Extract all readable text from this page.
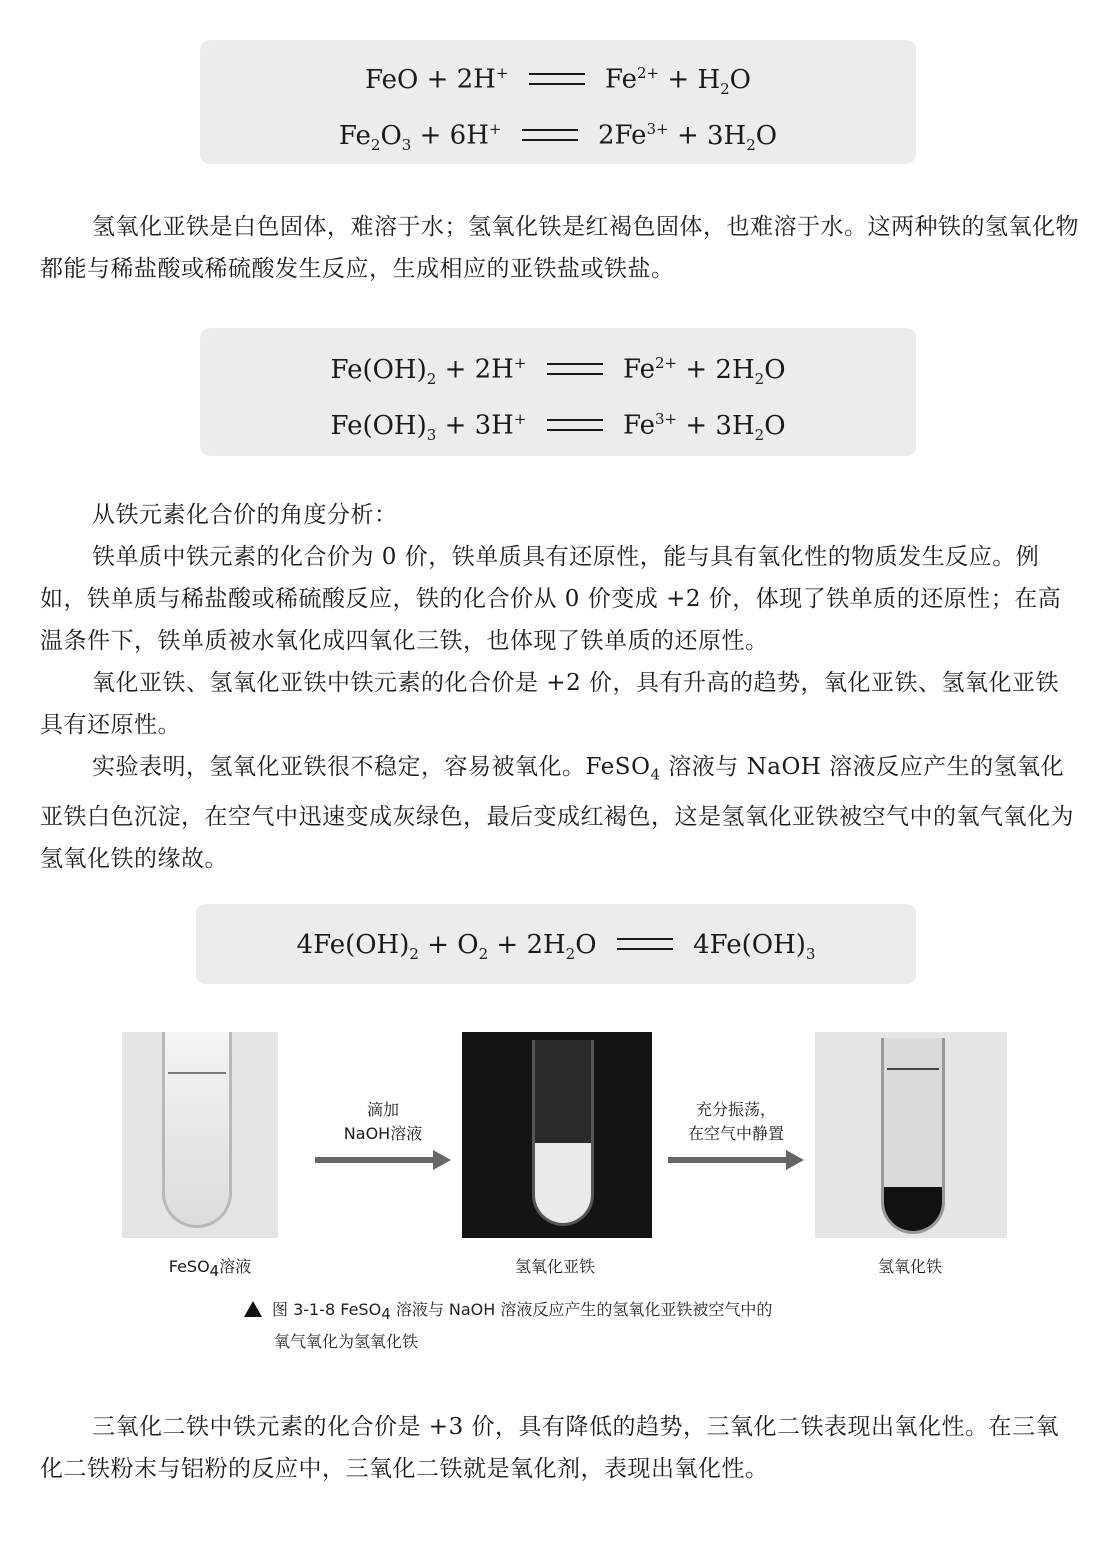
FeO + 2H+	$Fe^{2+} + H_2O$
$Fe_2O_3 + 6H^+$	$2Fe^{3+} + 3H_2O$

氢氧化亚铁是白色固体，难溶于水；氢氧化铁是红褐色固体，也难溶于水。这两种铁的氢氧化物都能与稀盐酸或稀硫酸发生反应，生成相应的亚铁盐或铁盐。

$Fe(OH)_2 + 2H^+$	$Fe^{2+} + 2H_2O$
$Fe(OH)_3 + 3H^+$	$Fe^{3+} + 3H_2O$

从铁元素化合价的角度分析：

铁单质中铁元素的化合价为 0 价，铁单质具有还原性，能与具有氧化性的物质发生反应。例如，铁单质与稀盐酸或稀硫酸反应，铁的化合价从 0 价变成 +2 价，体现了铁单质的还原性；在高温条件下，铁单质被水氧化成四氧化三铁，也体现了铁单质的还原性。

氧化亚铁、氢氧化亚铁中铁元素的化合价是 +2 价，具有升高的趋势，氧化亚铁、氢氧化亚铁具有还原性。

实验表明，氢氧化亚铁很不稳定，容易被氧化。FeSO$_4$ 溶液与 NaOH 溶液反应产生的氢氧化亚铁白色沉淀，在空气中迅速变成灰绿色，最后变成红褐色，这是氢氧化亚铁被空气中的氧气氧化为氢氧化铁的缘故。

$4Fe(OH)_2 + O_2 + 2H_2O$	$4Fe(OH)_3$
滴加
NaOH溶液
充分振荡，
在空气中静置
FeSO$_4$溶液	氢氧化亚铁	氢氧化铁
图 3-1-8 FeSO$_4$ 溶液与 NaOH 溶液反应产生的氢氧化亚铁被空气中的
氧气氧化为氢氧化铁

三氧化二铁中铁元素的化合价是 +3 价，具有降低的趋势，三氧化二铁表现出氧化性。在三氧化二铁粉末与铝粉的反应中，三氧化二铁就是氧化剂，表现出氧化性。
